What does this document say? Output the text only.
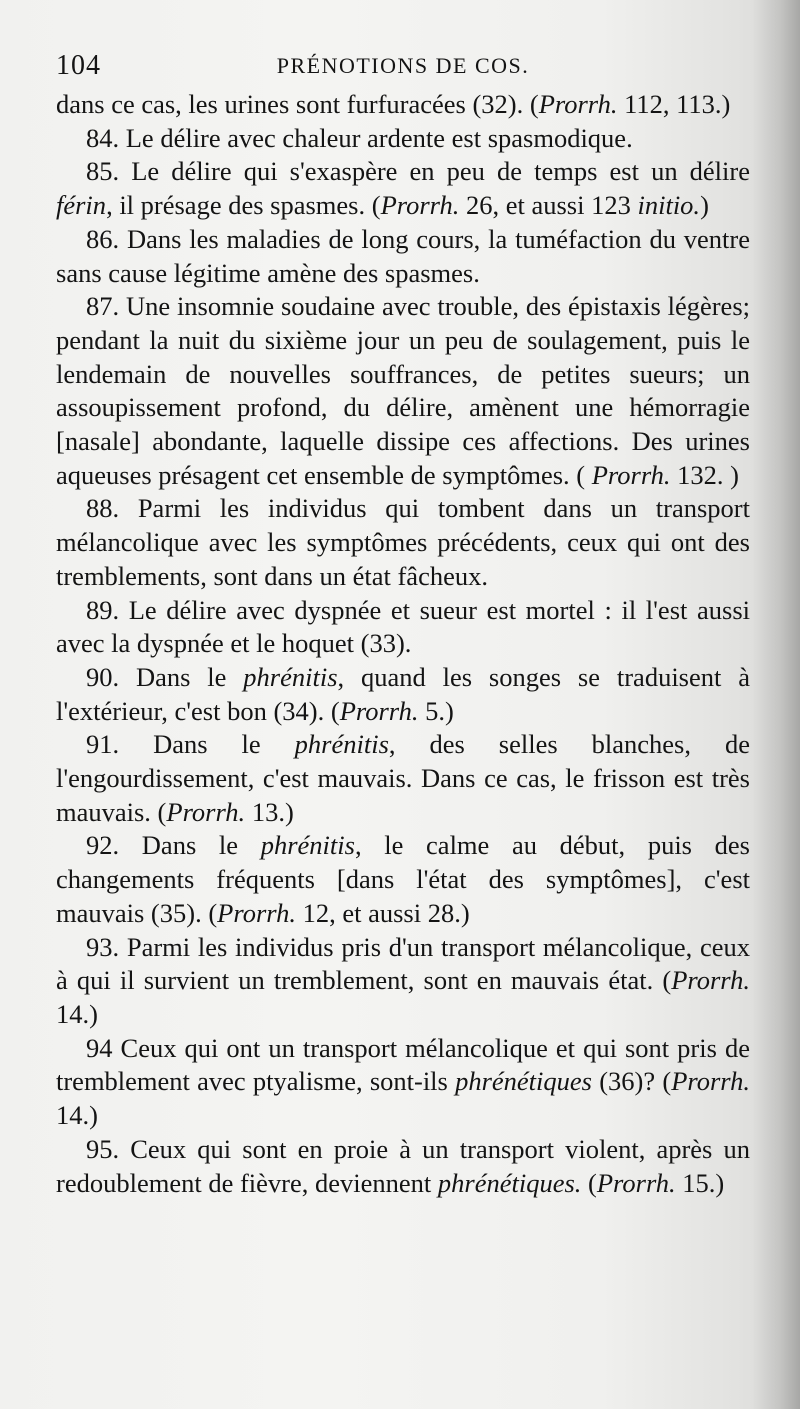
104	PRÉNOTIONS DE COS.

dans ce cas, les urines sont furfuracées (32). (Prorrh. 112, 113.)

84. Le délire avec chaleur ardente est spasmodique.

85. Le délire qui s'exaspère en peu de temps est un délire férin, il présage des spasmes. (Prorrh. 26, et aussi 123 initio.)

86. Dans les maladies de long cours, la tuméfaction du ventre sans cause légitime amène des spasmes.

87. Une insomnie soudaine avec trouble, des épistaxis légères; pendant la nuit du sixième jour un peu de soulagement, puis le lendemain de nouvelles souffrances, de petites sueurs; un assoupissement profond, du délire, amènent une hémorragie [nasale] abondante, laquelle dissipe ces affections. Des urines aqueuses présagent cet ensemble de symptômes. ( Prorrh. 132. )

88. Parmi les individus qui tombent dans un transport mélancolique avec les symptômes précédents, ceux qui ont des tremblements, sont dans un état fâcheux.

89. Le délire avec dyspnée et sueur est mortel : il l'est aussi avec la dyspnée et le hoquet (33).

90. Dans le phrénitis, quand les songes se traduisent à l'extérieur, c'est bon (34). (Prorrh. 5.)

91. Dans le phrénitis, des selles blanches, de l'engourdissement, c'est mauvais. Dans ce cas, le frisson est très mauvais. (Prorrh. 13.)

92. Dans le phrénitis, le calme au début, puis des changements fréquents [dans l'état des symptômes], c'est mauvais (35). (Prorrh. 12, et aussi 28.)

93. Parmi les individus pris d'un transport mélancolique, ceux à qui il survient un tremblement, sont en mauvais état. (Prorrh. 14.)

94 Ceux qui ont un transport mélancolique et qui sont pris de tremblement avec ptyalisme, sont-ils phrénétiques (36)? (Prorrh. 14.)

95. Ceux qui sont en proie à un transport violent, après un redoublement de fièvre, deviennent phrénétiques. (Prorrh. 15.)
